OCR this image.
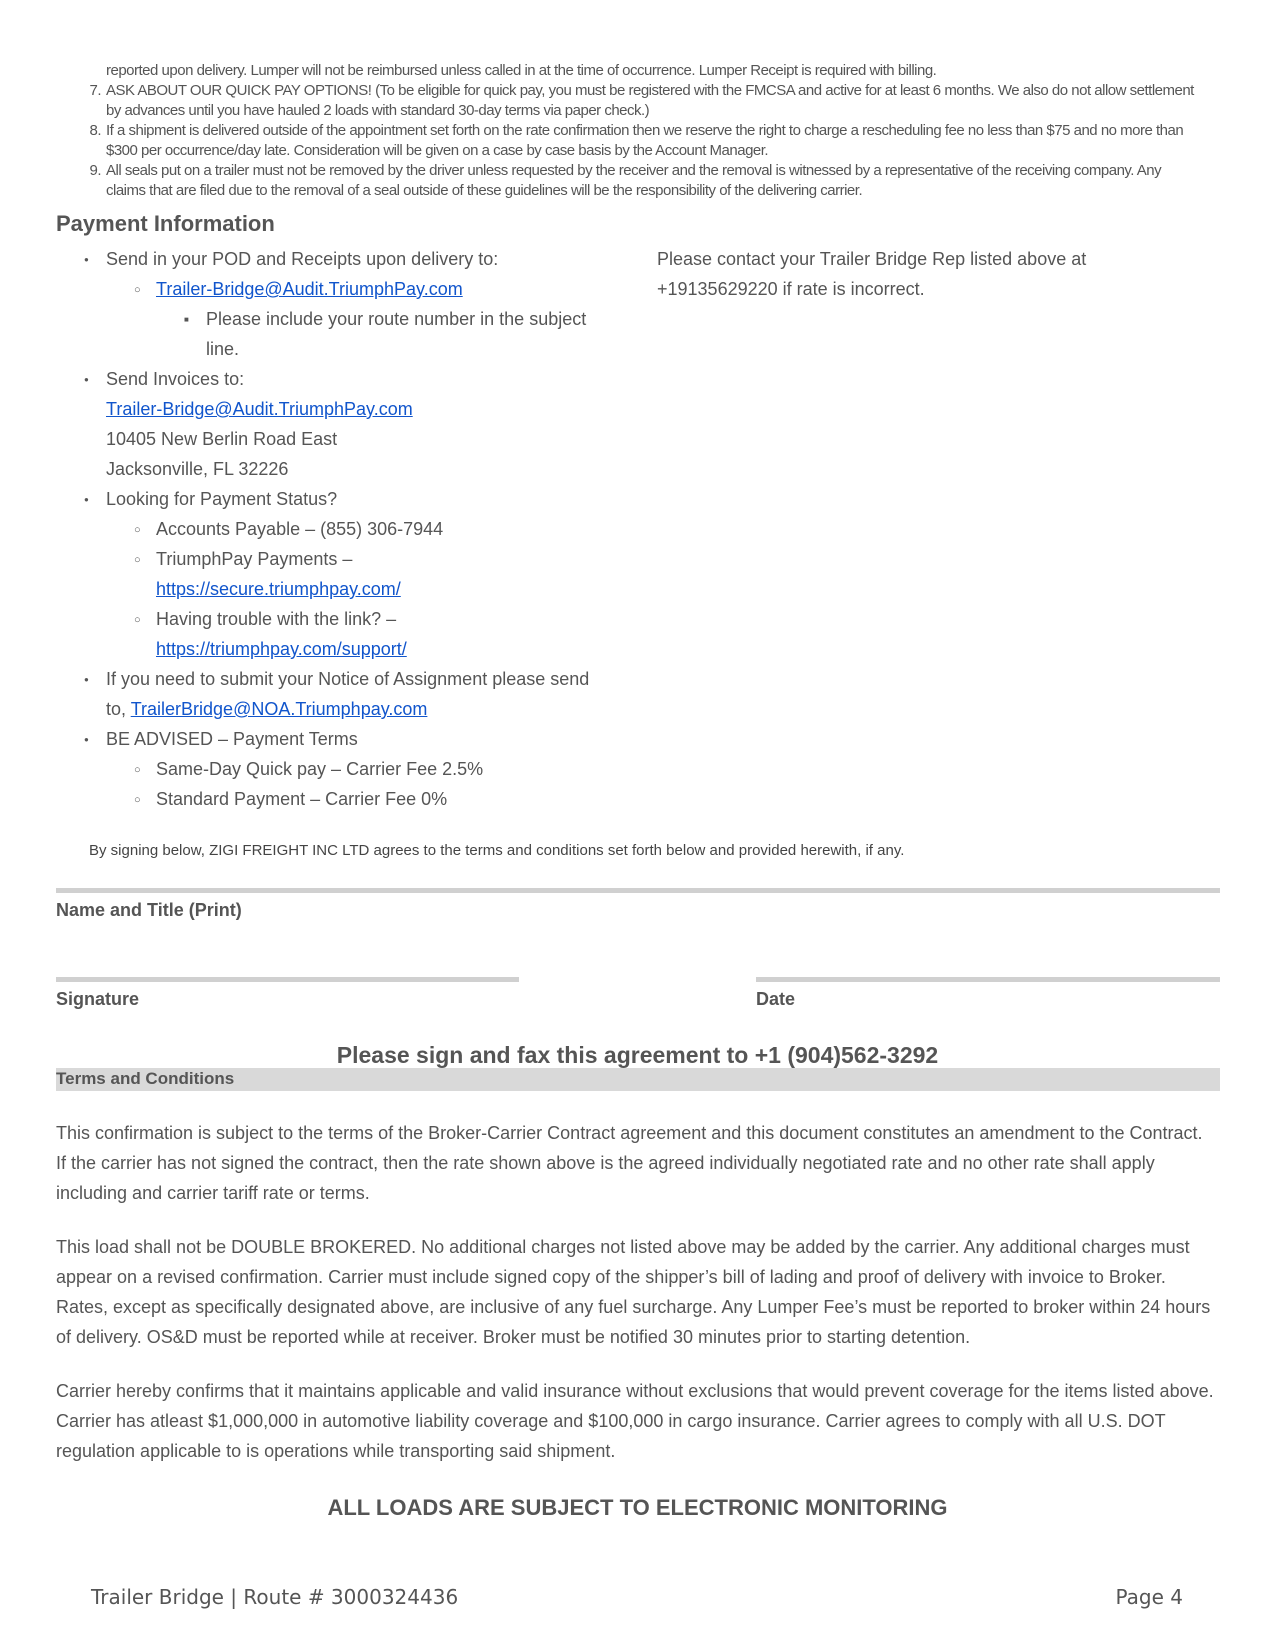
reported upon delivery. Lumper will not be reimbursed unless called in at the time of occurrence. Lumper Receipt is required with billing.
7. ASK ABOUT OUR QUICK PAY OPTIONS! (To be eligible for quick pay, you must be registered with the FMCSA and active for at least 6 months. We also do not allow settlement by advances until you have hauled 2 loads with standard 30-day terms via paper check.)
8. If a shipment is delivered outside of the appointment set forth on the rate confirmation then we reserve the right to charge a rescheduling fee no less than $75 and no more than $300 per occurrence/day late. Consideration will be given on a case by case basis by the Account Manager.
9. All seals put on a trailer must not be removed by the driver unless requested by the receiver and the removal is witnessed by a representative of the receiving company. Any claims that are filed due to the removal of a seal outside of these guidelines will be the responsibility of the delivering carrier.
Payment Information
●
Send in your POD and Receipts upon delivery to:
○
Trailer-Bridge@Audit.TriumphPay.com
■
Please include your route number in the subject
line.
●
Send Invoices to:
Trailer-Bridge@Audit.TriumphPay.com
10405 New Berlin Road East
Jacksonville, FL 32226
●
Looking for Payment Status?
○
Accounts Payable – (855) 306-7944
○
TriumphPay Payments –
https://secure.triumphpay.com/
○
Having trouble with the link? –
https://triumphpay.com/support/
●
If you need to submit your Notice of Assignment please send
to, TrailerBridge@NOA.Triumphpay.com
●
BE ADVISED – Payment Terms
○
Same-Day Quick pay – Carrier Fee 2.5%
○
Standard Payment – Carrier Fee 0%
Please contact your Trailer Bridge Rep listed above at
+19135629220 if rate is incorrect.
By signing below, ZIGI FREIGHT INC LTD agrees to the terms and conditions set forth below and provided herewith, if any.
Name and Title (Print)
Signature	Date
Please sign and fax this agreement to +1 (904)562-3292
Terms and Conditions
This confirmation is subject to the terms of the Broker-Carrier Contract agreement and this document constitutes an amendment to the Contract. If the carrier has not signed the contract, then the rate shown above is the agreed individually negotiated rate and no other rate shall apply including and carrier tariff rate or terms.
This load shall not be DOUBLE BROKERED. No additional charges not listed above may be added by the carrier. Any additional charges must appear on a revised confirmation. Carrier must include signed copy of the shipper’s bill of lading and proof of delivery with invoice to Broker. Rates, except as specifically designated above, are inclusive of any fuel surcharge. Any Lumper Fee’s must be reported to broker within 24 hours of delivery. OS&D must be reported while at receiver. Broker must be notified 30 minutes prior to starting detention.
Carrier hereby confirms that it maintains applicable and valid insurance without exclusions that would prevent coverage for the items listed above. Carrier has atleast $1,000,000 in automotive liability coverage and $100,000 in cargo insurance. Carrier agrees to comply with all U.S. DOT regulation applicable to is operations while transporting said shipment.
ALL LOADS ARE SUBJECT TO ELECTRONIC MONITORING
Trailer Bridge | Route # 3000324436	Page 4
